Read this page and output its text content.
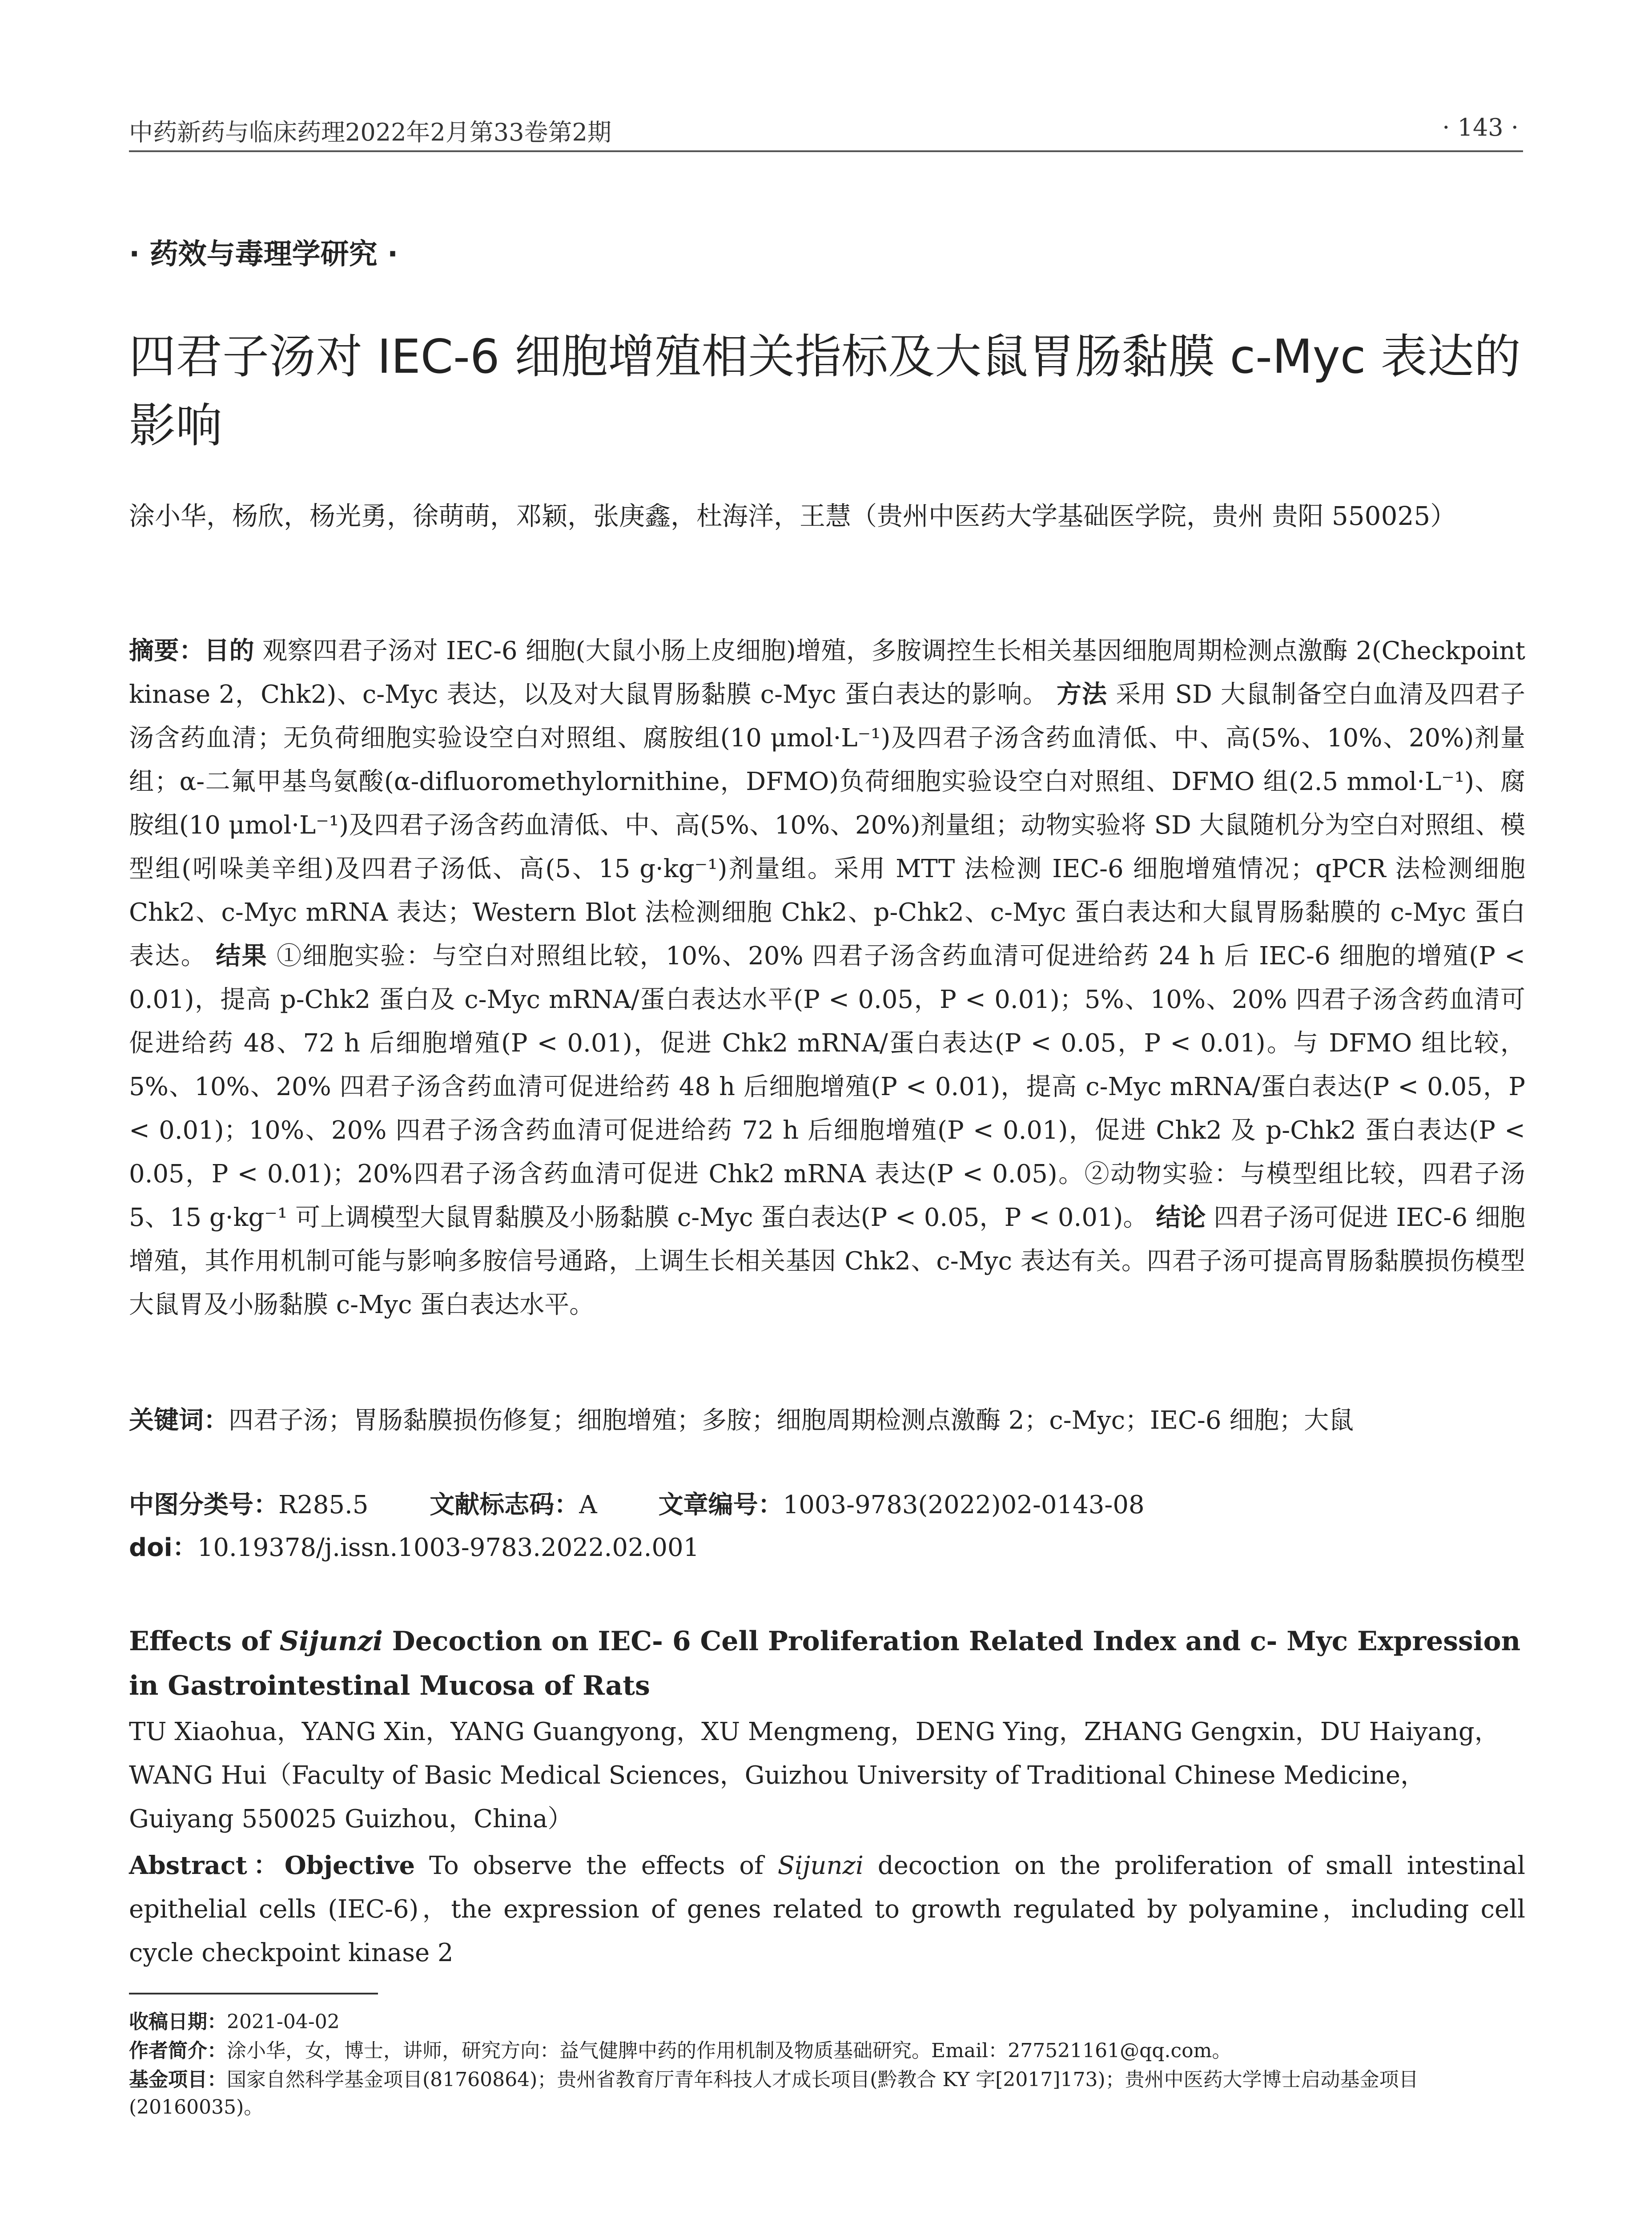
中药新药与临床药理2022年2月第33卷第2期	· 143 ·
· 药效与毒理学研究 ·
四君子汤对 IEC-6 细胞增殖相关指标及大鼠胃肠黏膜 c-Myc 表达的影响
涂小华，杨欣，杨光勇，徐萌萌，邓颖，张庚鑫，杜海洋，王慧（贵州中医药大学基础医学院，贵州 贵阳 550025）
摘要：目的 观察四君子汤对 IEC-6 细胞(大鼠小肠上皮细胞)增殖，多胺调控生长相关基因细胞周期检测点激酶 2(Checkpoint kinase 2，Chk2)、c-Myc 表达，以及对大鼠胃肠黏膜 c-Myc 蛋白表达的影响。 方法 采用 SD 大鼠制备空白血清及四君子汤含药血清；无负荷细胞实验设空白对照组、腐胺组(10 μmol·L⁻¹)及四君子汤含药血清低、中、高(5%、10%、20%)剂量组；α-二氟甲基鸟氨酸(α-difluoromethylornithine，DFMO)负荷细胞实验设空白对照组、DFMO 组(2.5 mmol·L⁻¹)、腐胺组(10 μmol·L⁻¹)及四君子汤含药血清低、中、高(5%、10%、20%)剂量组；动物实验将 SD 大鼠随机分为空白对照组、模型组(吲哚美辛组)及四君子汤低、高(5、15 g·kg⁻¹)剂量组。采用 MTT 法检测 IEC-6 细胞增殖情况；qPCR 法检测细胞 Chk2、c-Myc mRNA 表达；Western Blot 法检测细胞 Chk2、p-Chk2、c-Myc 蛋白表达和大鼠胃肠黏膜的 c-Myc 蛋白表达。 结果 ①细胞实验：与空白对照组比较，10%、20% 四君子汤含药血清可促进给药 24 h 后 IEC-6 细胞的增殖(P < 0.01)，提高 p-Chk2 蛋白及 c-Myc mRNA/蛋白表达水平(P < 0.05，P < 0.01)；5%、10%、20% 四君子汤含药血清可促进给药 48、72 h 后细胞增殖(P < 0.01)，促进 Chk2 mRNA/蛋白表达(P < 0.05，P < 0.01)。与 DFMO 组比较，5%、10%、20% 四君子汤含药血清可促进给药 48 h 后细胞增殖(P < 0.01)，提高 c-Myc mRNA/蛋白表达(P < 0.05，P < 0.01)；10%、20% 四君子汤含药血清可促进给药 72 h 后细胞增殖(P < 0.01)，促进 Chk2 及 p-Chk2 蛋白表达(P < 0.05，P < 0.01)；20%四君子汤含药血清可促进 Chk2 mRNA 表达(P < 0.05)。②动物实验：与模型组比较，四君子汤 5、15 g·kg⁻¹ 可上调模型大鼠胃黏膜及小肠黏膜 c-Myc 蛋白表达(P < 0.05，P < 0.01)。 结论 四君子汤可促进 IEC-6 细胞增殖，其作用机制可能与影响多胺信号通路，上调生长相关基因 Chk2、c-Myc 表达有关。四君子汤可提高胃肠黏膜损伤模型大鼠胃及小肠黏膜 c-Myc 蛋白表达水平。
关键词：四君子汤；胃肠黏膜损伤修复；细胞增殖；多胺；细胞周期检测点激酶 2；c-Myc；IEC-6 细胞；大鼠
中图分类号：R285.5 文献标志码：A 文章编号：1003-9783(2022)02-0143-08
doi：10.19378/j.issn.1003-9783.2022.02.001
Effects of Sijunzi Decoction on IEC- 6 Cell Proliferation Related Index and c- Myc Expression in Gastrointestinal Mucosa of Rats
TU Xiaohua，YANG Xin，YANG Guangyong，XU Mengmeng，DENG Ying，ZHANG Gengxin，DU Haiyang，WANG Hui（Faculty of Basic Medical Sciences，Guizhou University of Traditional Chinese Medicine，Guiyang 550025 Guizhou，China）
Abstract：Objective To observe the effects of Sijunzi decoction on the proliferation of small intestinal epithelial cells (IEC-6)，the expression of genes related to growth regulated by polyamine，including cell cycle checkpoint kinase 2
收稿日期：2021-04-02
作者简介：涂小华，女，博士，讲师，研究方向：益气健脾中药的作用机制及物质基础研究。Email：277521161@qq.com。
基金项目：国家自然科学基金项目(81760864)；贵州省教育厅青年科技人才成长项目(黔教合 KY 字[2017]173)；贵州中医药大学博士启动基金项目(20160035)。
